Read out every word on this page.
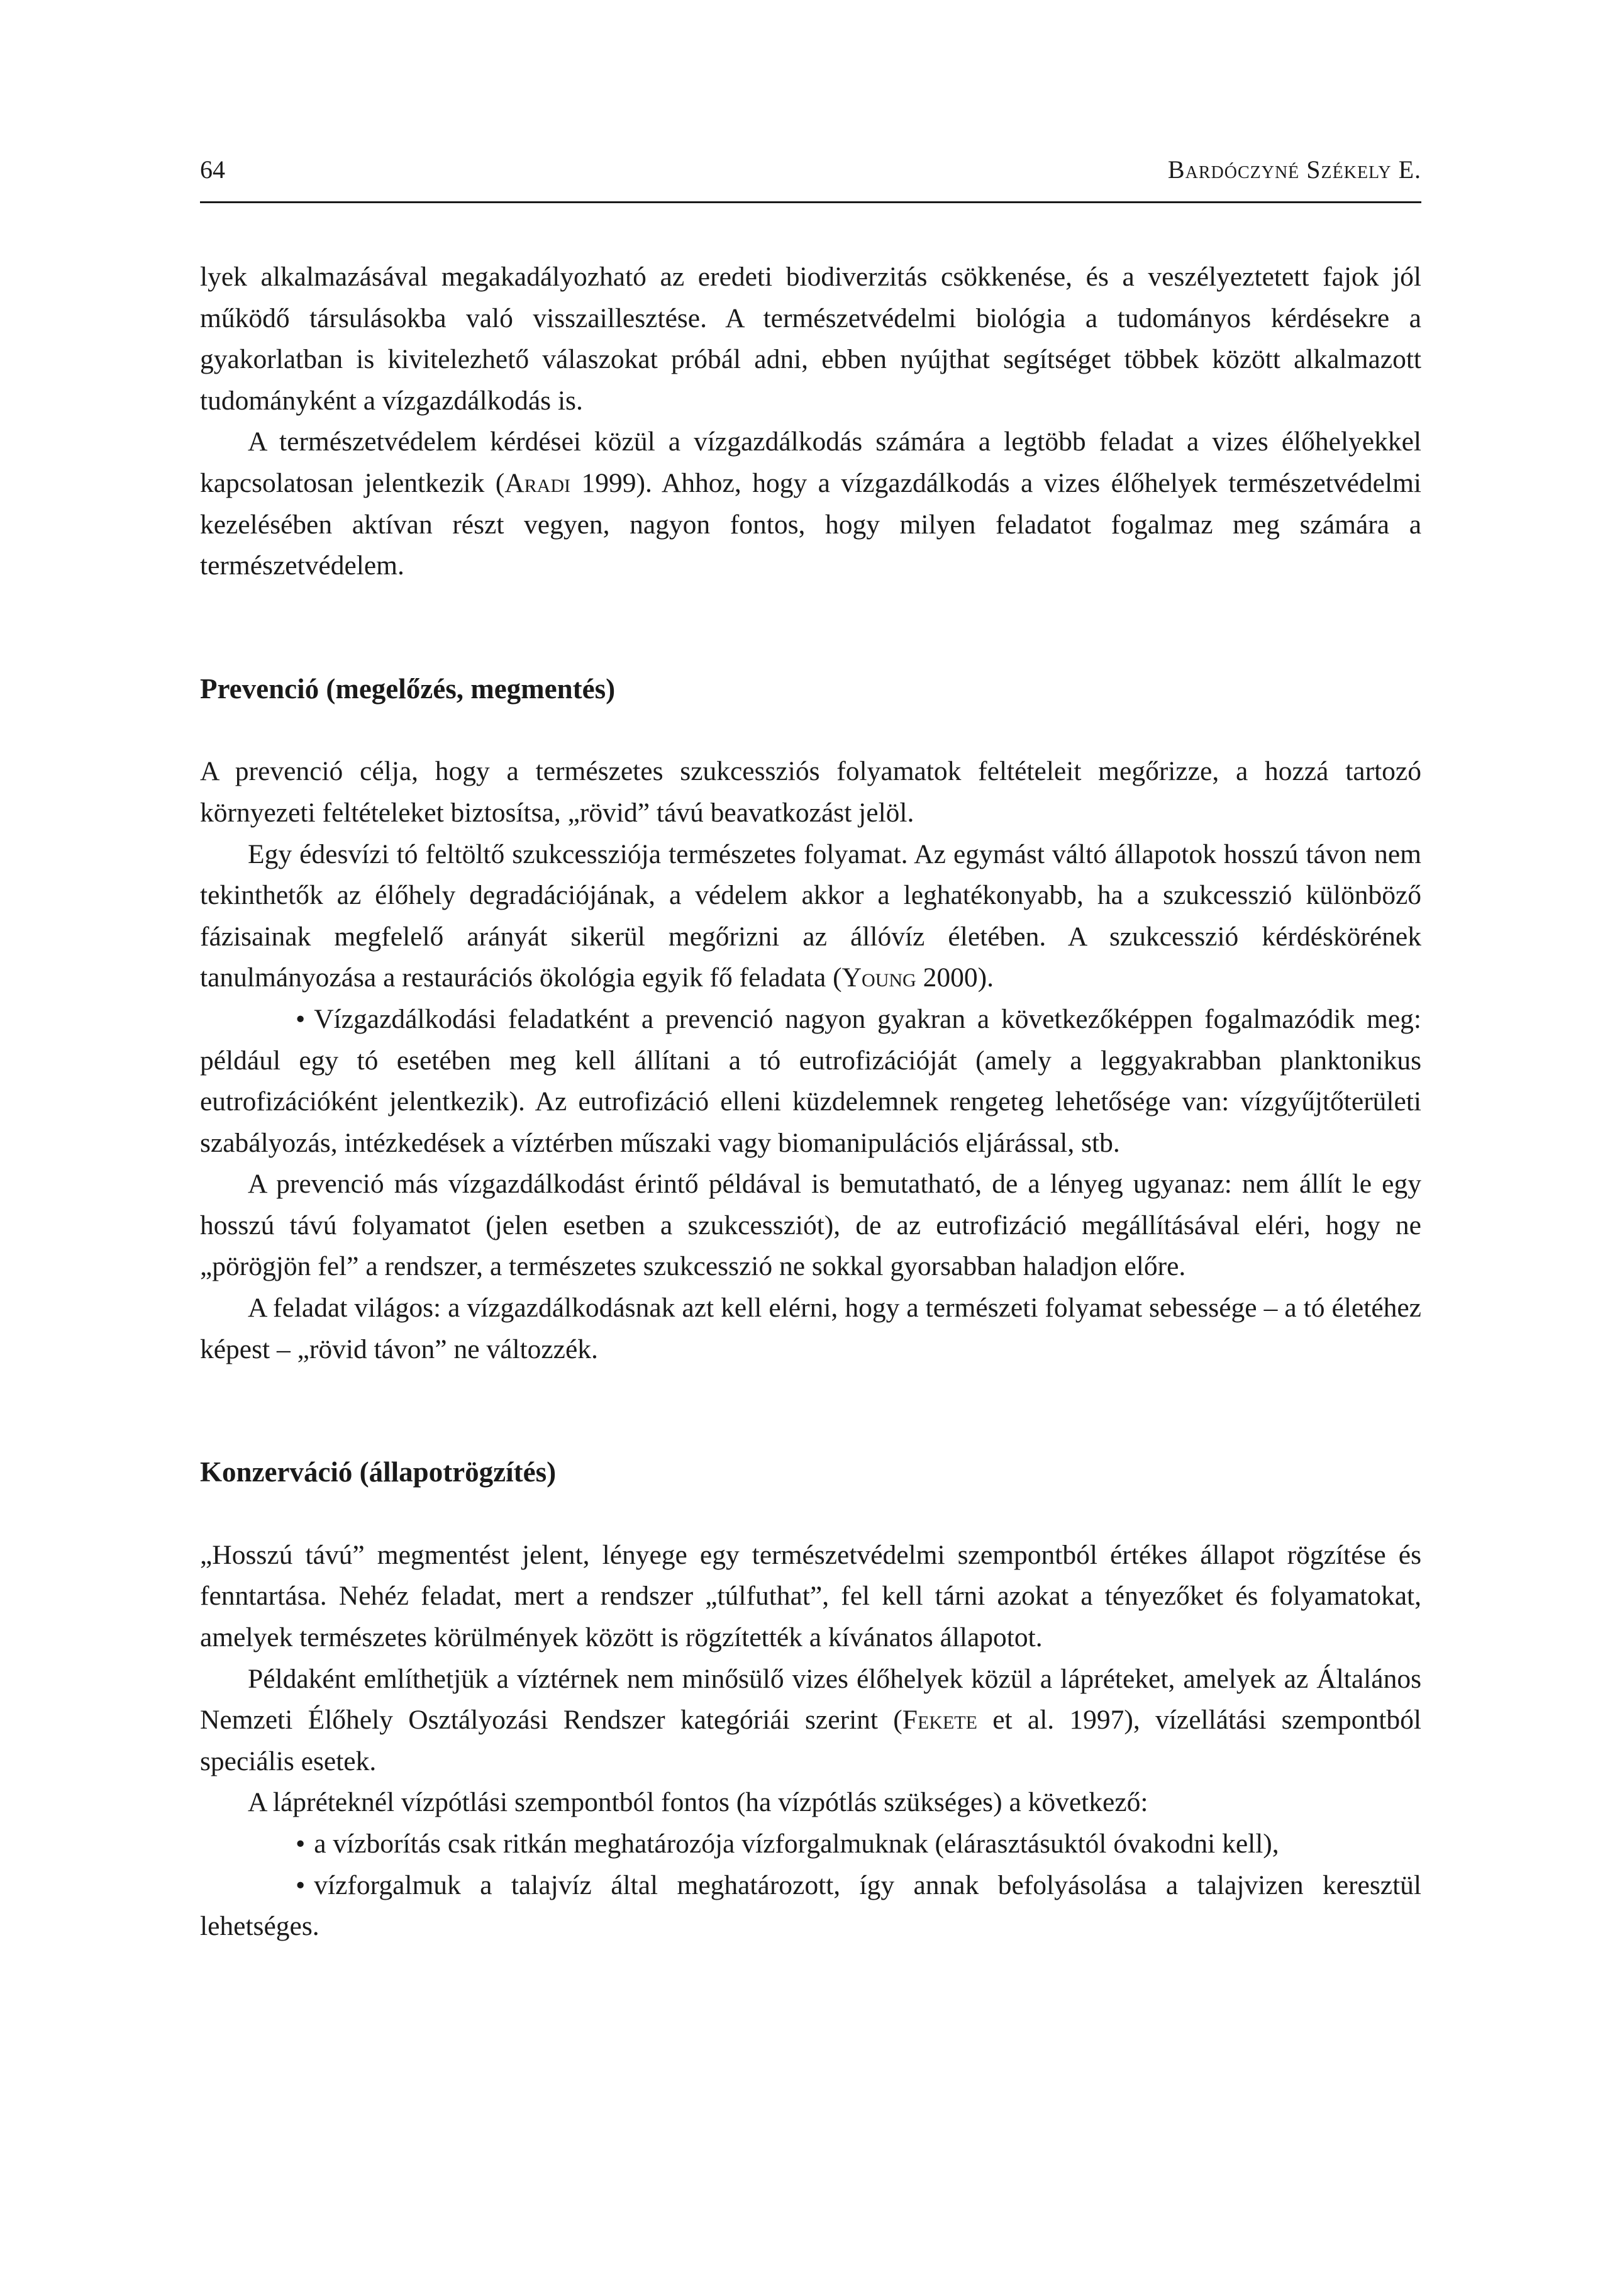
64	Bardóczyné Székely E.

lyek alkalmazásával megakadályozható az eredeti biodiverzitás csökkenése, és a veszélyeztetett fajok jól működő társulásokba való visszaillesztése. A természetvédelmi biológia a tudományos kérdésekre a gyakorlatban is kivitelezhető válaszokat próbál adni, ebben nyújthat segítséget többek között alkalmazott tudományként a vízgazdálkodás is.

A természetvédelem kérdései közül a vízgazdálkodás számára a legtöbb feladat a vizes élőhelyekkel kapcsolatosan jelentkezik (Aradi 1999). Ahhoz, hogy a vízgazdálkodás a vizes élőhelyek természetvédelmi kezelésében aktívan részt vegyen, nagyon fontos, hogy milyen feladatot fogalmaz meg számára a természetvédelem.

Prevenció (megelőzés, megmentés)

A prevenció célja, hogy a természetes szukcessziós folyamatok feltételeit megőrizze, a hozzá tartozó környezeti feltételeket biztosítsa, „rövid” távú beavatkozást jelöl.

Egy édesvízi tó feltöltő szukcessziója természetes folyamat. Az egymást váltó állapotok hosszú távon nem tekinthetők az élőhely degradációjának, a védelem akkor a leghatékonyabb, ha a szukcesszió különböző fázisainak megfelelő arányát sikerül megőrizni az állóvíz életében. A szukcesszió kérdéskörének tanulmányozása a restaurációs ökológia egyik fő feladata (Young 2000).

• Vízgazdálkodási feladatként a prevenció nagyon gyakran a következőképpen fogalmazódik meg: például egy tó esetében meg kell állítani a tó eutrofizációját (amely a leggyakrabban planktonikus eutrofizációként jelentkezik). Az eutrofizáció elleni küzdelemnek rengeteg lehetősége van: vízgyűjtőterületi szabályozás, intézkedések a víztérben műszaki vagy biomanipulációs eljárással, stb.

A prevenció más vízgazdálkodást érintő példával is bemutatható, de a lényeg ugyanaz: nem állít le egy hosszú távú folyamatot (jelen esetben a szukcessziót), de az eutrofizáció megállításával eléri, hogy ne „pörögjön fel” a rendszer, a természetes szukcesszió ne sokkal gyorsabban haladjon előre.

A feladat világos: a vízgazdálkodásnak azt kell elérni, hogy a természeti folyamat sebessége – a tó életéhez képest – „rövid távon” ne változzék.

Konzerváció (állapotrögzítés)

„Hosszú távú” megmentést jelent, lényege egy természetvédelmi szempontból értékes állapot rögzítése és fenntartása. Nehéz feladat, mert a rendszer „túlfuthat”, fel kell tárni azokat a tényezőket és folyamatokat, amelyek természetes körülmények között is rögzítették a kívánatos állapotot.

Példaként említhetjük a víztérnek nem minősülő vizes élőhelyek közül a lápréteket, amelyek az Általános Nemzeti Élőhely Osztályozási Rendszer kategóriái szerint (Fekete et al. 1997), vízellátási szempontból speciális esetek.

A lápréteknél vízpótlási szempontból fontos (ha vízpótlás szükséges) a következő:

• a vízborítás csak ritkán meghatározója vízforgalmuknak (elárasztásuktól óvakodni kell),

• vízforgalmuk a talajvíz által meghatározott, így annak befolyásolása a talajvizen keresztül lehetséges.
